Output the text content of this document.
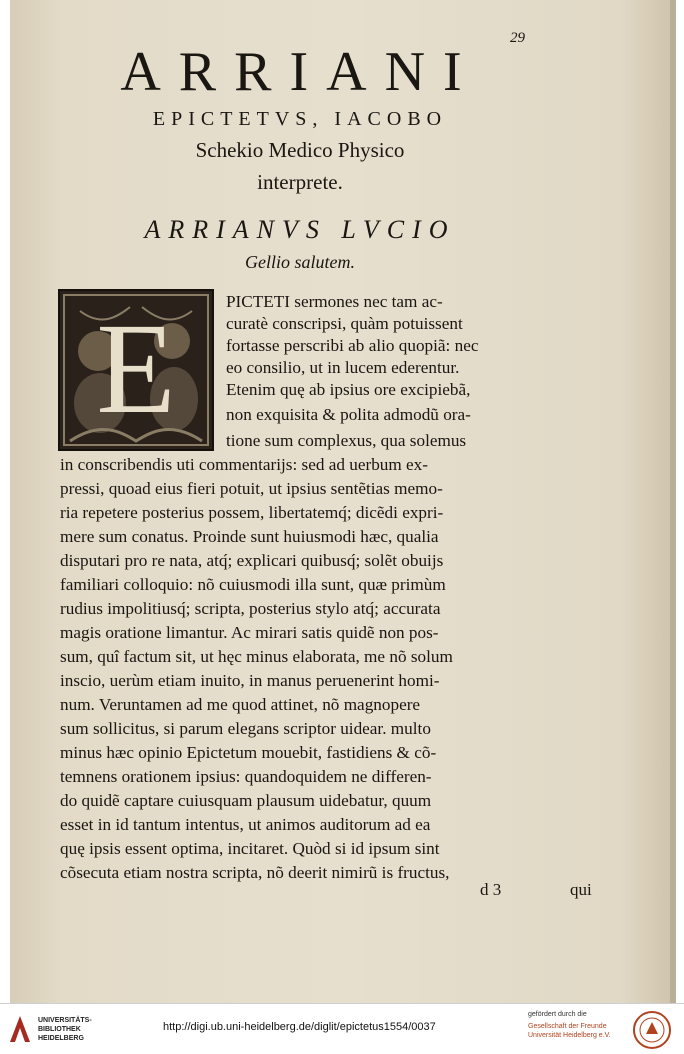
29
ARRIANI
EPICTETVS, IACOBO
Schekio Medico Physico
interprete.
ARRIANVS LVCIO
Gellio salutem.
E	PICTETI sermones nec tam ac-
curatè conscripsi, quàm potuissent
fortasse perscribi ab alio quopiã: nec
eo consilio, ut in lucem ederentur.
Etenim quę ab ipsius ore excipiebã,
non exquisita & polita admodũ ora-
tione sum complexus, qua solemus
in conscribendis uti commentarijs: sed ad uerbum ex-
pressi, quoad eius fieri potuit, ut ipsius sentẽtias memo-
ria repetere posterius possem, libertatemq́; dicẽdi expri-
mere sum conatus. Proinde sunt huiusmodi hæc, qualia
disputari pro re nata, atq́; explicari quibusq́; solẽt obuijs
familiari colloquio: nõ cuiusmodi illa sunt, quæ primùm
rudius impolitiusq́; scripta, posterius stylo atq́; accurata
magis oratione limantur. Ac mirari satis quidẽ non pos-
sum, quî factum sit, ut hęc minus elaborata, me nõ solum
inscio, uerùm etiam inuito, in manus peruenerint homi-
num. Veruntamen ad me quod attinet, nõ magnopere
sum sollicitus, si parum elegans scriptor uidear. multo
minus hæc opinio Epictetum mouebit, fastidiens & cõ-
temnens orationem ipsius: quandoquidem ne differen-
do quidẽ captare cuiusquam plausum uidebatur, quum
esset in id tantum intentus, ut animos auditorum ad ea
quę ipsis essent optima, incitaret. Quòd si id ipsum sint
cõsecuta etiam nostra scripta, nõ deerit nimirũ is fructus,
d 3	qui
UNIVERSITÄTS-
BIBLIOTHEK
HEIDELBERG
http://digi.ub.uni-heidelberg.de/diglit/epictetus1554/0037
gefördert durch die
Gesellschaft der Freunde
Universität Heidelberg e.V.
